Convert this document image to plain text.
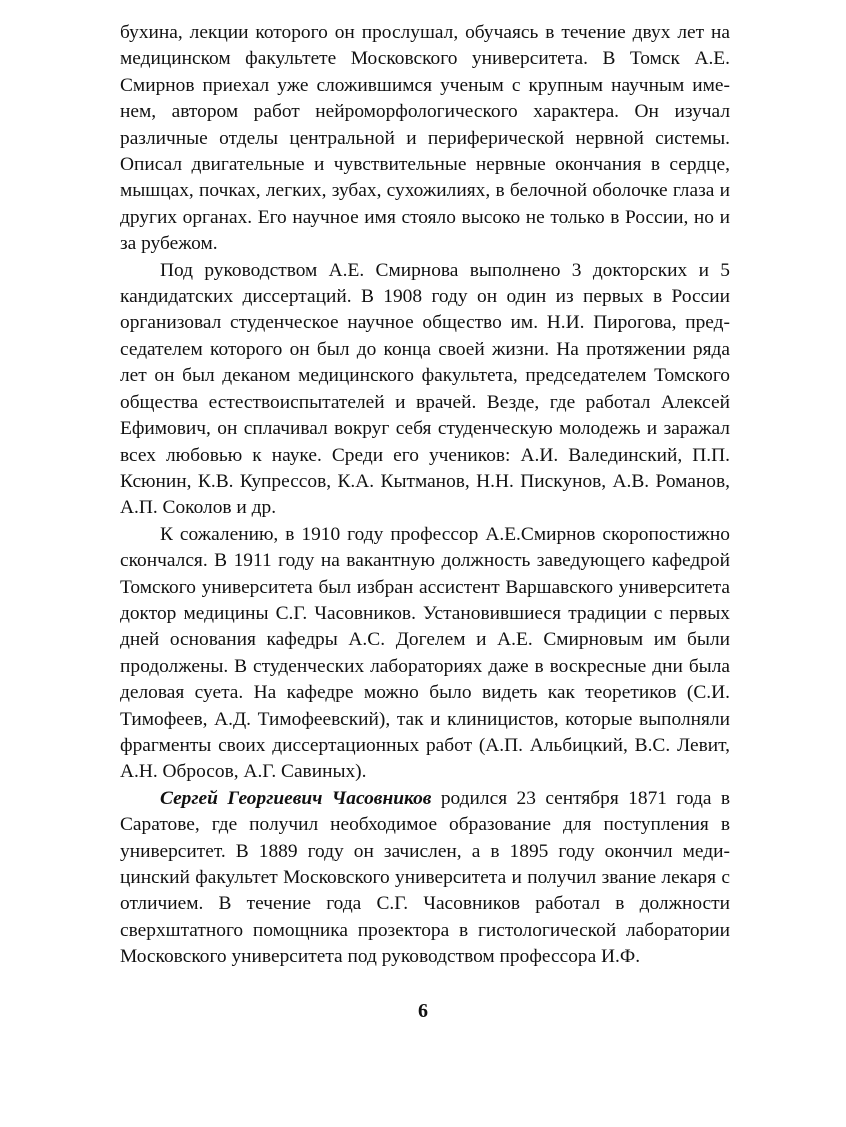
бухина, лекции которого он прослушал, обучаясь в течение двух лет на медицинском факультете Московского университета. В Томск А.Е. Смирнов приехал уже сложившимся ученым с крупным научным именем, автором работ нейроморфологического характера. Он изучал различные отделы центральной и периферической нервной системы. Описал двигательные и чувствительные нервные окончания в сердце, мышцах, почках, легких, зубах, сухожилиях, в белочной оболочке глаза и других органах. Его научное имя стояло высоко не только в России, но и за рубежом.

Под руководством А.Е. Смирнова выполнено 3 докторских и 5 кандидатских диссертаций. В 1908 году он один из первых в России организовал студенческое научное общество им. Н.И. Пирогова, председателем которого он был до конца своей жизни. На протяжении ряда лет он был деканом медицинского факультета, председателем Томского общества естествоиспытателей и врачей. Везде, где работал Алексей Ефимович, он сплачивал вокруг себя студенческую молодежь и заражал всех любовью к науке. Среди его учеников: А.И. Валединский, П.П. Ксюнин, К.В. Купрессов, К.А. Кытманов, Н.Н. Пискунов, А.В. Романов, А.П. Соколов и др.

К сожалению, в 1910 году профессор А.Е.Смирнов скоропостижно скончался. В 1911 году на вакантную должность заведующего кафедрой Томского университета был избран ассистент Варшавского университета доктор медицины С.Г. Часовников. Установившиеся традиции с первых дней основания кафедры А.С. Догелем и А.Е. Смирновым им были продолжены. В студенческих лабораториях даже в воскресные дни была деловая суета. На кафедре можно было видеть как теоретиков (С.И. Тимофеев, А.Д. Тимофеевский), так и клиницистов, которые выполняли фрагменты своих диссертационных работ (А.П. Альбицкий, В.С. Левит, А.Н. Обросов, А.Г. Савиных).

Сергей Георгиевич Часовников родился 23 сентября 1871 года в Саратове, где получил необходимое образование для поступления в университет. В 1889 году он зачислен, а в 1895 году окончил медицинский факультет Московского университета и получил звание лекаря с отличием. В течение года С.Г. Часовников работал в должности сверхштатного помощника прозектора в гистологической лаборатории Московского университета под руководством профессора И.Ф.

6
